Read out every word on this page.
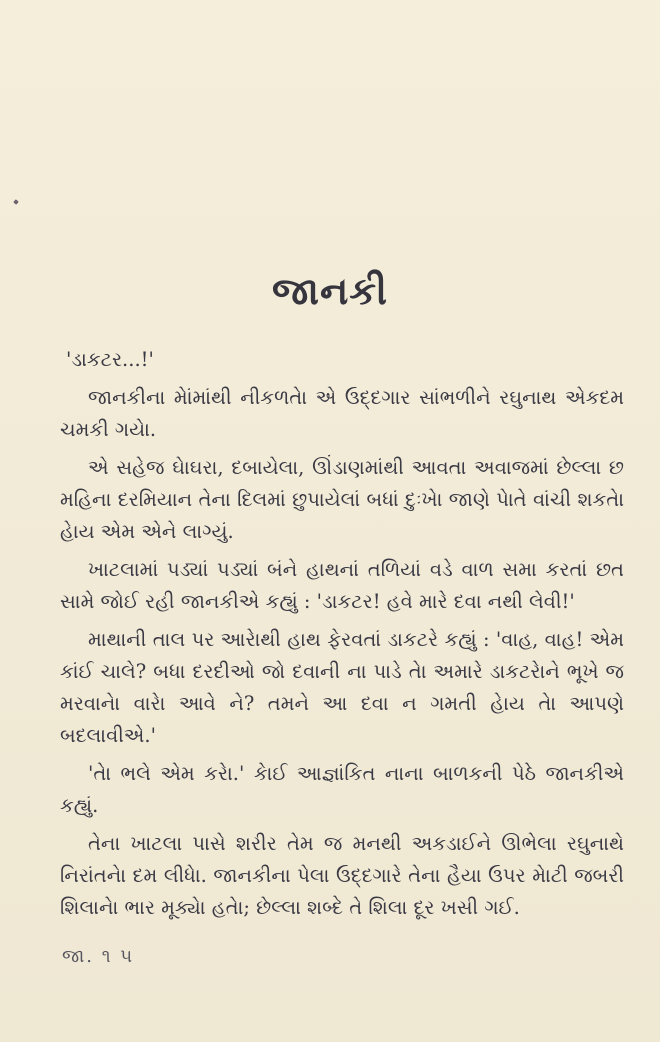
જાનકી

'ડાકટર...!'

જાનકીના મેાંમાંથી નીકળતેા એ ઉદ્દગાર સાંભળીને રઘુનાથ એકદમ ચમકી ગયેા.

એ સહેજ ઘેાઘરા, દબાયેલા, ઊંડાણમાંથી આવતા અવાજમાં છેલ્લા છ મહિના દરમિયાન તેના દિલમાં છુપાયેલાં બધાં દુઃખેા જાણે પેાતે વાંચી શકતેા હેાય એમ એને લાગ્યું.

ખાટલામાં પડ્યાં પડ્યાં બંને હાથનાં તળિયાં વડે વાળ સમા કરતાં છત સામે જોઈ રહી જાનકીએ કહ્યું : 'ડાકટર! હવે મારે દવા નથી લેવી!'

માથાની તાલ પર આરેાથી હાથ ફેરવતાં ડાકટરે કહ્યું : 'વાહ, વાહ! એમ કાંઈ ચાલે? બધા દરદીઓ જો દવાની ના પાડે તેા અમારે ડાકટરેાને ભૂખે જ મરવાનેા વારેા આવે ને? તમને આ દવા ન ગમતી હેાય તેા આપણે બદલાવીએ.'

'તેા ભલે એમ કરેા.' કેાઈ આજ્ઞાંકિત નાના બાળકની પેઠે જાનકીએ કહ્યું.

તેના ખાટલા પાસે શરીર તેમ જ મનથી અકડાઈને ઊભેલા રઘુનાથે નિરાંતનેા દમ લીધેા. જાનકીના પેલા ઉદ્દગારે તેના હૈયા ઉપર મેાટી જબરી શિલાનેા ભાર મૂક્યેા હતેા; છેલ્લા શબ્દે તે શિલા દૂર ખસી ગઈ.

જા. ૧ ૫
